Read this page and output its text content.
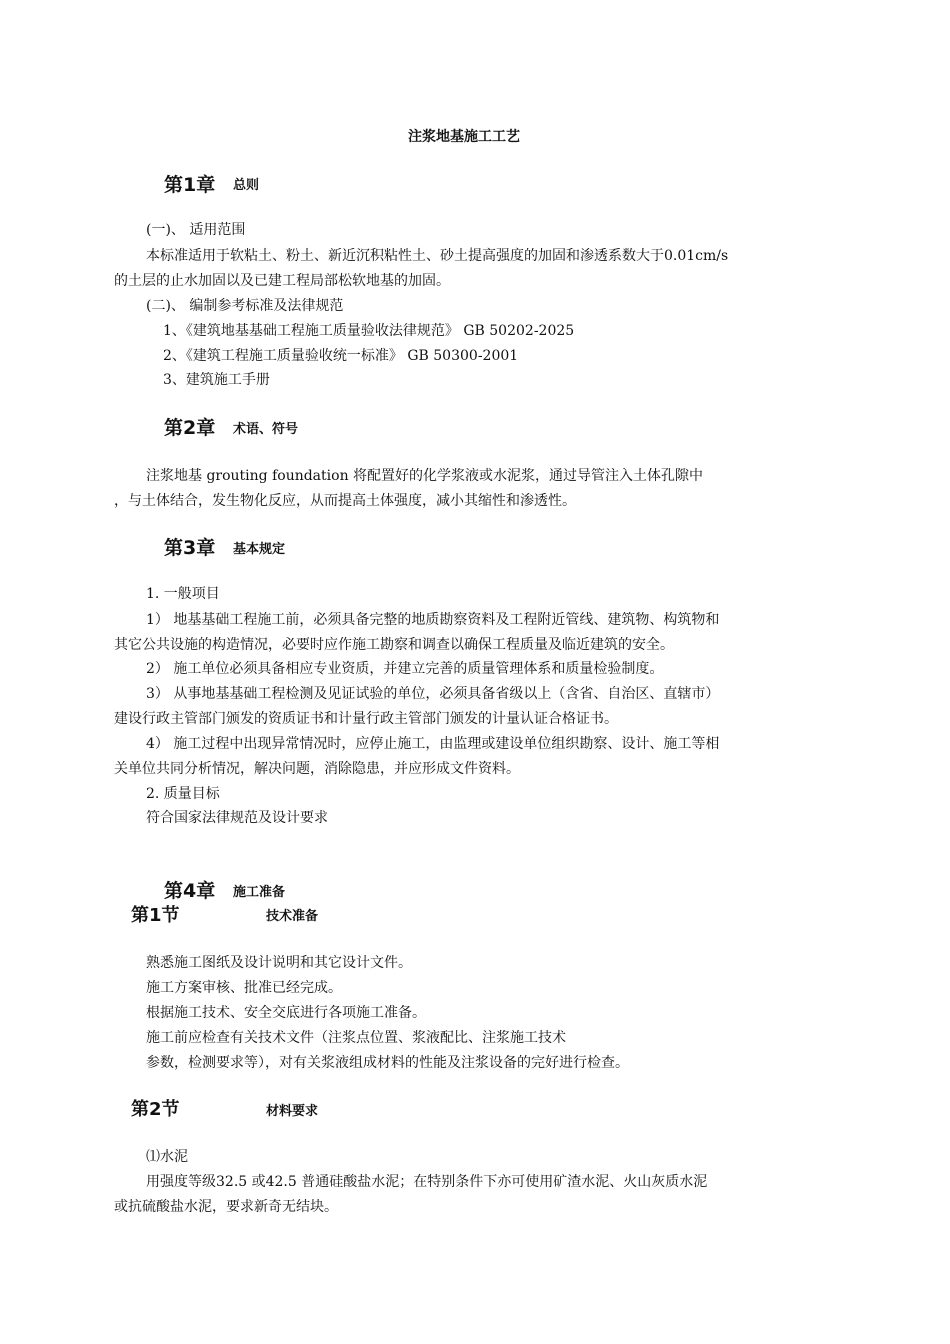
注浆地基施工工艺
第1章 总则
(一)、 适用范围
本标准适用于软粘土、粉土、新近沉积粘性土、砂土提高强度的加固和渗透系数大于0.01cm/s
的土层的止水加固以及已建工程局部松软地基的加固。
(二)、 编制参考标准及法律规范
1、《建筑地基基础工程施工质量验收法律规范》 GB 50202-2025
2、《建筑工程施工质量验收统一标准》 GB 50300-2001
3、建筑施工手册
第2章 术语、符号
注浆地基 grouting foundation 将配置好的化学浆液或水泥浆，通过导管注入土体孔隙中
，与土体结合，发生物化反应，从而提高土体强度，减小其缩性和渗透性。
第3章 基本规定
1. 一般项目
1） 地基基础工程施工前，必须具备完整的地质勘察资料及工程附近管线、建筑物、构筑物和
其它公共设施的构造情况，必要时应作施工勘察和调查以确保工程质量及临近建筑的安全。
2） 施工单位必须具备相应专业资质，并建立完善的质量管理体系和质量检验制度。
3） 从事地基基础工程检测及见证试验的单位，必须具备省级以上（含省、自治区、直辖市）
建设行政主管部门颁发的资质证书和计量行政主管部门颁发的计量认证合格证书。
4） 施工过程中出现异常情况时，应停止施工，由监理或建设单位组织勘察、设计、施工等相
关单位共同分析情况，解决问题，消除隐患，并应形成文件资料。
2. 质量目标
符合国家法律规范及设计要求
第4章 施工准备
第1节	技术准备
熟悉施工图纸及设计说明和其它设计文件。
施工方案审核、批准已经完成。
根据施工技术、安全交底进行各项施工准备。
施工前应检查有关技术文件（注浆点位置、浆液配比、注浆施工技术
参数，检测要求等），对有关浆液组成材料的性能及注浆设备的完好进行检查。
第2节	材料要求
⑴水泥
用强度等级32.5 或42.5 普通硅酸盐水泥；在特别条件下亦可使用矿渣水泥、火山灰质水泥
或抗硫酸盐水泥，要求新奇无结块。
